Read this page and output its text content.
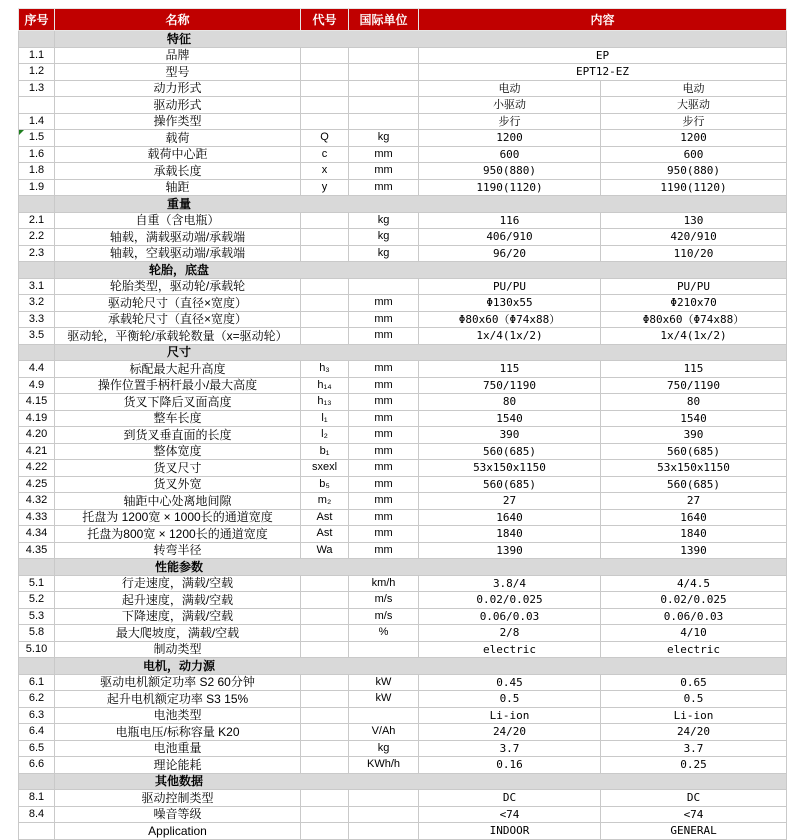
序号	名称	代号	国际单位	内容	
	特征				
1.1	品牌			EP	
1.2	型号			EPT12-EZ	
1.3	动力形式			电动	电动
	驱动形式			小驱动	大驱动
1.4	操作类型			步行	步行
1.5	载荷	Q	kg	1200	1200
1.6	载荷中心距	c	mm	600	600
1.8	承载长度	x	mm	950(880)	950(880)
1.9	轴距	y	mm	1190(1120)	1190(1120)
	重量				
2.1	自重（含电瓶）		kg	116	130
2.2	轴载，满载驱动端/承载端		kg	406/910	420/910
2.3	轴载，空载驱动端/承载端		kg	96/20	110/20
	轮胎，底盘				
3.1	轮胎类型，驱动轮/承载轮			PU/PU	PU/PU
3.2	驱动轮尺寸（直径×宽度）		mm	Φ130x55	Φ210x70
3.3	承载轮尺寸（直径×宽度）		mm	Φ80x60（Φ74x88）	Φ80x60（Φ74x88）
3.5	驱动轮，平衡轮/承载轮数量（x=驱动轮）		mm	1x/4(1x/2)	1x/4(1x/2)
	尺寸				
4.4	标配最大起升高度	h₃	mm	115	115
4.9	操作位置手柄杆最小/最大高度	h₁₄	mm	750/1190	750/1190
4.15	货叉下降后叉面高度	h₁₃	mm	80	80
4.19	整车长度	l₁	mm	1540	1540
4.20	到货叉垂直面的长度	l₂	mm	390	390
4.21	整体宽度	b₁	mm	560(685)	560(685)
4.22	货叉尺寸	sxexl	mm	53x150x1150	53x150x1150
4.25	货叉外宽	b₅	mm	560(685)	560(685)
4.32	轴距中心处离地间隙	m₂	mm	27	27
4.33	托盘为 1200宽 × 1000长的通道宽度	Ast	mm	1640	1640
4.34	托盘为800宽 × 1200长的通道宽度	Ast	mm	1840	1840
4.35	转弯半径	Wa	mm	1390	1390
	性能参数				
5.1	行走速度，满载/空载		km/h	3.8/4	4/4.5
5.2	起升速度，满载/空载		m/s	0.02/0.025	0.02/0.025
5.3	下降速度，满载/空载		m/s	0.06/0.03	0.06/0.03
5.8	最大爬坡度，满载/空载		%	2/8	4/10
5.10	制动类型			electric	electric
	电机，动力源				
6.1	驱动电机额定功率 S2 60分钟		kW	0.45	0.65
6.2	起升电机额定功率 S3 15%		kW	0.5	0.5
6.3	电池类型			Li-ion	Li-ion
6.4	电瓶电压/标称容量 K20		V/Ah	24/20	24/20
6.5	电池重量		kg	3.7	3.7
6.6	理论能耗		KWh/h	0.16	0.25
	其他数据				
8.1	驱动控制类型			DC	DC
8.4	噪音等级			<74	<74
	Application			INDOOR	GENERAL
